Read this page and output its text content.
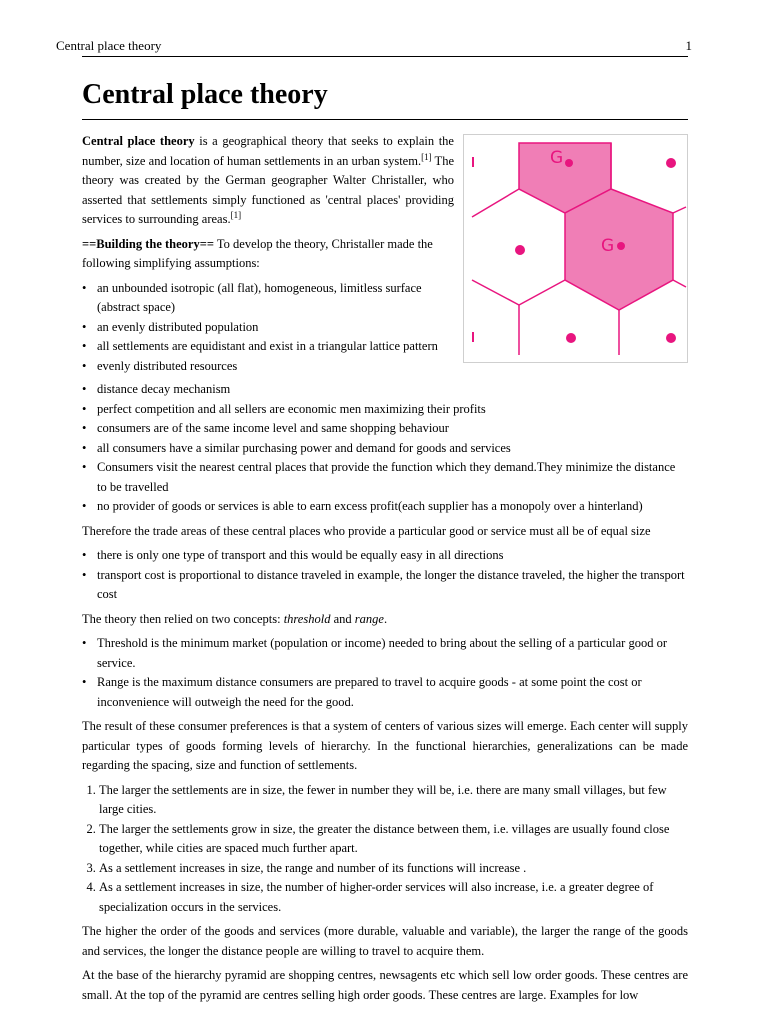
Central place theory	1
Central place theory
G
G

Central place theory is a geographical theory that seeks to explain the number, size and location of human settlements in an urban system.[1] The theory was created by the German geographer Walter Christaller, who asserted that settlements simply functioned as 'central places' providing services to surrounding areas.[1]

==Building the theory== To develop the theory, Christaller made the following simplifying assumptions:

• an unbounded isotropic (all flat), homogeneous, limitless surface (abstract space)
• an evenly distributed population
• all settlements are equidistant and exist in a triangular lattice pattern
• evenly distributed resources
• distance decay mechanism
• perfect competition and all sellers are economic men maximizing their profits
• consumers are of the same income level and same shopping behaviour
• all consumers have a similar purchasing power and demand for goods and services
• Consumers visit the nearest central places that provide the function which they demand.They minimize the distance to be travelled
• no provider of goods or services is able to earn excess profit(each supplier has a monopoly over a hinterland)

Therefore the trade areas of these central places who provide a particular good or service must all be of equal size

• there is only one type of transport and this would be equally easy in all directions
• transport cost is proportional to distance traveled in example, the longer the distance traveled, the higher the transport cost

The theory then relied on two concepts: threshold and range.

• Threshold is the minimum market (population or income) needed to bring about the selling of a particular good or service.
• Range is the maximum distance consumers are prepared to travel to acquire goods - at some point the cost or inconvenience will outweigh the need for the good.

The result of these consumer preferences is that a system of centers of various sizes will emerge. Each center will supply particular types of goods forming levels of hierarchy. In the functional hierarchies, generalizations can be made regarding the spacing, size and function of settlements.

1. The larger the settlements are in size, the fewer in number they will be, i.e. there are many small villages, but few large cities.
2. The larger the settlements grow in size, the greater the distance between them, i.e. villages are usually found close together, while cities are spaced much further apart.
3. As a settlement increases in size, the range and number of its functions will increase .
4. As a settlement increases in size, the number of higher-order services will also increase, i.e. a greater degree of specialization occurs in the services.

The higher the order of the goods and services (more durable, valuable and variable), the larger the range of the goods and services, the longer the distance people are willing to travel to acquire them.

At the base of the hierarchy pyramid are shopping centres, newsagents etc which sell low order goods. These centres are small. At the top of the pyramid are centres selling high order goods. These centres are large. Examples for low
